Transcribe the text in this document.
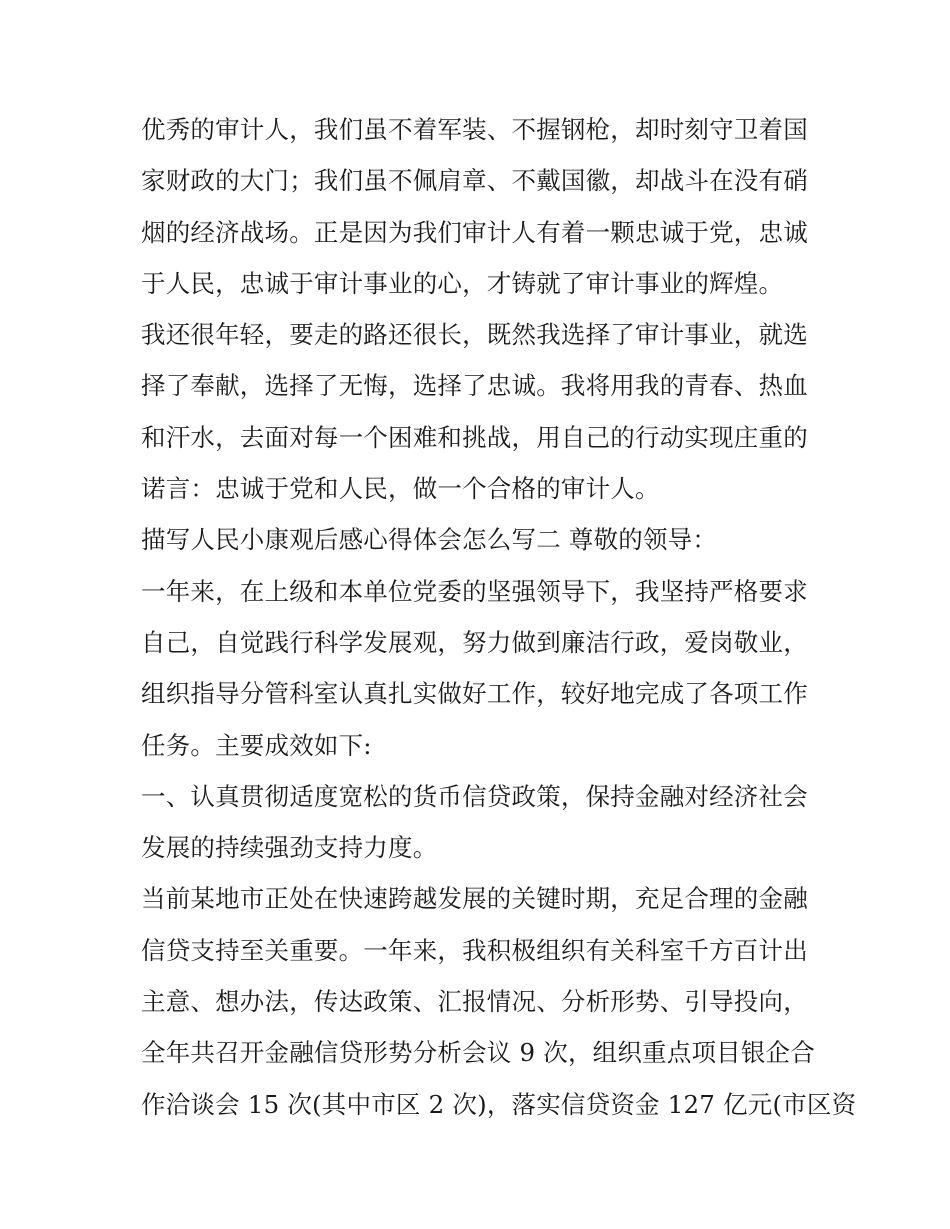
优秀的审计人，我们虽不着军装、不握钢枪，却时刻守卫着国
家财政的大门；我们虽不佩肩章、不戴国徽，却战斗在没有硝
烟的经济战场。正是因为我们审计人有着一颗忠诚于党，忠诚
于人民，忠诚于审计事业的心，才铸就了审计事业的辉煌。
我还很年轻，要走的路还很长，既然我选择了审计事业，就选
择了奉献，选择了无悔，选择了忠诚。我将用我的青春、热血
和汗水，去面对每一个困难和挑战，用自己的行动实现庄重的
诺言：忠诚于党和人民，做一个合格的审计人。
描写人民小康观后感心得体会怎么写二 尊敬的领导：
一年来，在上级和本单位党委的坚强领导下，我坚持严格要求
自己，自觉践行科学发展观，努力做到廉洁行政，爱岗敬业，
组织指导分管科室认真扎实做好工作，较好地完成了各项工作
任务。主要成效如下:
一、认真贯彻适度宽松的货币信贷政策，保持金融对经济社会
发展的持续强劲支持力度。
当前某地市正处在快速跨越发展的关键时期，充足合理的金融
信贷支持至关重要。一年来，我积极组织有关科室千方百计出
主意、想办法，传达政策、汇报情况、分析形势、引导投向，
全年共召开金融信贷形势分析会议 9 次，组织重点项目银企合
作洽谈会 15 次(其中市区 2 次)，落实信贷资金 127 亿元(市区资
